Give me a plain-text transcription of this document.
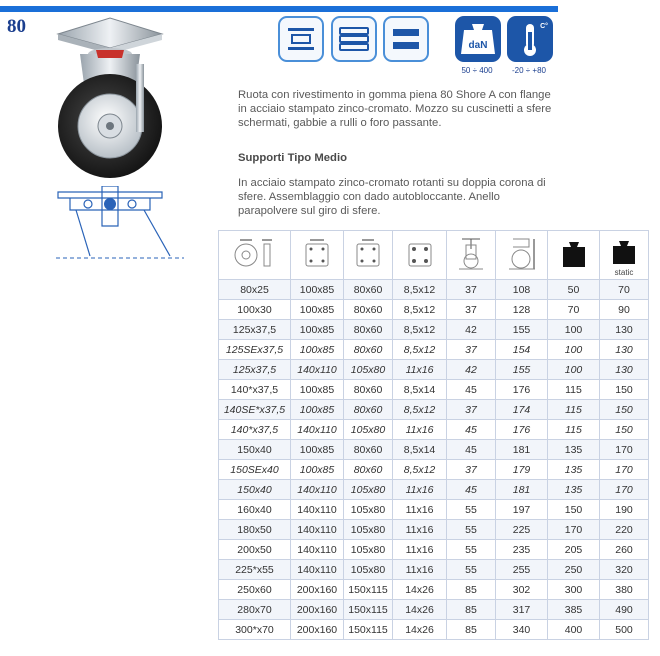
80
daN
50 ÷ 400
C°
-20 ÷ +80
Ruota con rivestimento in gomma piena 80 Shore A con flange in acciaio stampato zinco-cromato. Mozzo su cuscinetti a sfere schermati, gabbie a rulli o foro passante.
Supporti Tipo Medio
In acciaio stampato zinco-cromato rotanti su doppia corona di sfere. Assemblaggio con dado autobloccante. Anello parapolvere sul giro di sfere.

static

80x25	100x85	80x60	8,5x12	37	108	50	70
100x30	100x85	80x60	8,5x12	37	128	70	90
125x37,5	100x85	80x60	8,5x12	42	155	100	130
125SEx37,5	100x85	80x60	8,5x12	37	154	100	130
125x37,5	140x110	105x80	11x16	42	155	100	130
140*x37,5	100x85	80x60	8,5x14	45	176	115	150
140SE*x37,5	100x85	80x60	8,5x12	37	174	115	150
140*x37,5	140x110	105x80	11x16	45	176	115	150
150x40	100x85	80x60	8,5x14	45	181	135	170
150SEx40	100x85	80x60	8,5x12	37	179	135	170
150x40	140x110	105x80	11x16	45	181	135	170
160x40	140x110	105x80	11x16	55	197	150	190
180x50	140x110	105x80	11x16	55	225	170	220
200x50	140x110	105x80	11x16	55	235	205	260
225*x55	140x110	105x80	11x16	55	255	250	320
250x60	200x160	150x115	14x26	85	302	300	380
280x70	200x160	150x115	14x26	85	317	385	490
300*x70	200x160	150x115	14x26	85	340	400	500
